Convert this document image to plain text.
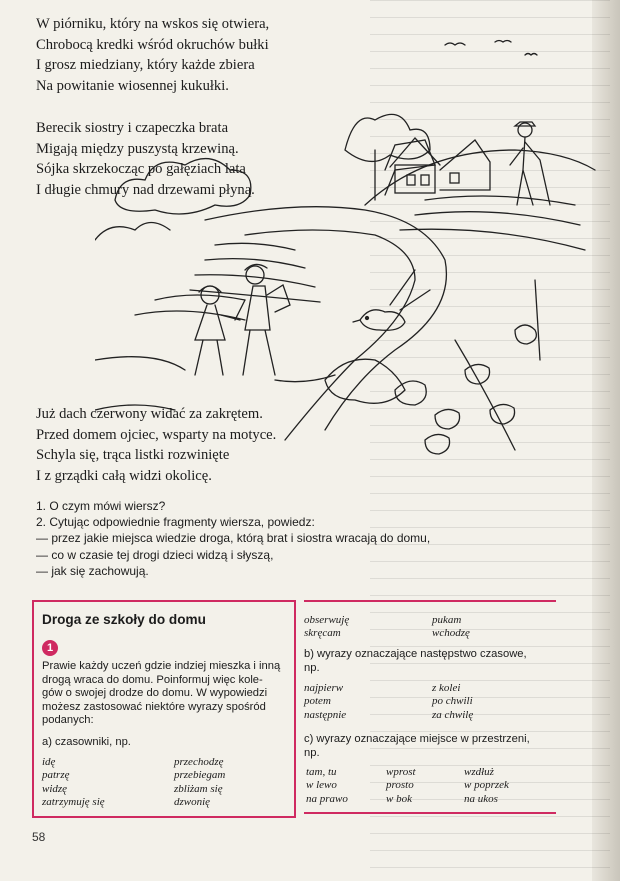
W piórniku, który na wskos się otwiera,
Chrobocą kredki wśród okruchów bułki
I grosz miedziany, który każde zbiera
Na powitanie wiosennej kukułki.
Berecik siostry i czapeczka brata
Migają między puszystą krzewiną.
Sójka skrzekocząc po gałęziach lata
I długie chmury nad drzewami płyną.
Już dach czerwony widać za zakrętem.
Przed domem ojciec, wsparty na motyce.
Schyla się, trąca listki rozwinięte
I z grządki całą widzi okolicę.
1. O czym mówi wiersz?
2. Cytując odpowiednie fragmenty wiersza, powiedz:
— przez jakie miejsca wiedzie droga, którą brat i siostra wracają do domu,
— co w czasie tej drogi dzieci widzą i słyszą,
— jak się zachowują.
Droga ze szkoły do domu
1
Prawie każdy uczeń gdzie indziej mieszka i inną
drogą wraca do domu. Poinformuj więc kole-
gów o swojej drodze do domu. W wypowiedzi
możesz zastosować niektóre wyrazy spośród
podanych:
a) czasowniki, np.
idę
patrzę
widzę
zatrzymuję się
przechodzę
przebiegam
zbliżam się
dzwonię
obserwuję
skręcam
pukam
wchodzę
b) wyrazy oznaczające następstwo czasowe,
np.
najpierw
potem
następnie
z kolei
po chwili
za chwilę
c) wyrazy oznaczające miejsce w przestrzeni,
np.
tam, tu
w lewo
na prawo
wprost
prosto
w bok
wzdłuż
w poprzek
na ukos
58
